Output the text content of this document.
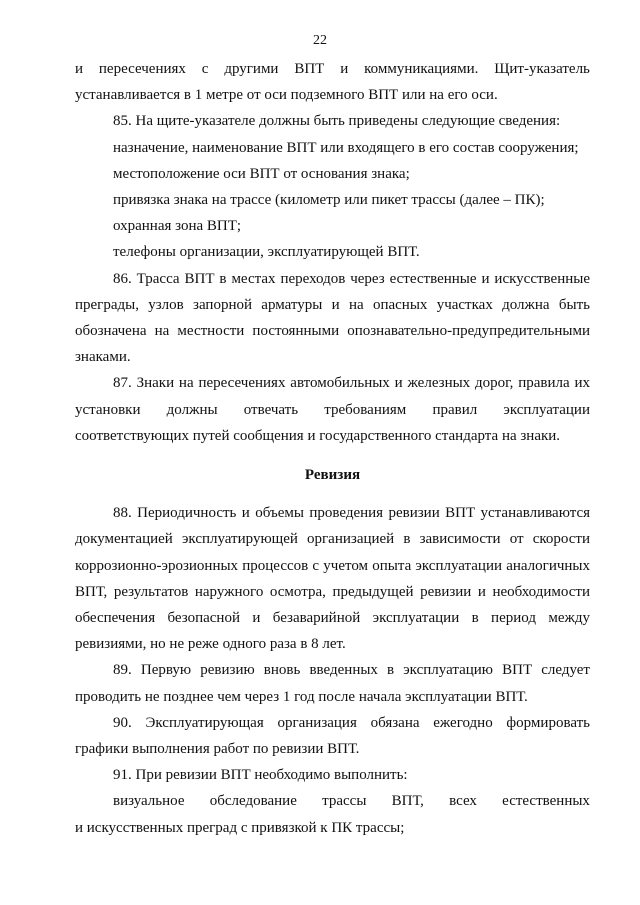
22
и пересечениях с другими ВПТ и коммуникациями. Щит-указатель

устанавливается в 1 метре от оси подземного ВПТ или на его оси.

85. На щите-указателе должны быть приведены следующие сведения:

назначение, наименование ВПТ или входящего в его состав сооружения;

местоположение оси ВПТ от основания знака;

привязка знака на трассе (километр или пикет трассы (далее – ПК);

охранная зона ВПТ;

телефоны организации, эксплуатирующей ВПТ.

86. Трасса ВПТ в местах переходов через естественные и искусственные преграды, узлов запорной арматуры и на опасных участках должна быть обозначена на местности постоянными опознавательно-предупредительными знаками.

87. Знаки на пересечениях автомобильных и железных дорог, правила их установки должны отвечать требованиям правил эксплуатации соответствующих путей сообщения и государственного стандарта на знаки.

Ревизия

88. Периодичность и объемы проведения ревизии ВПТ устанавливаются документацией эксплуатирующей организацией в зависимости от скорости коррозионно-эрозионных процессов с учетом опыта эксплуатации аналогичных ВПТ, результатов наружного осмотра, предыдущей ревизии и необходимости обеспечения безопасной и безаварийной эксплуатации в период между ревизиями, но не реже одного раза в 8 лет.

89. Первую ревизию вновь введенных в эксплуатацию ВПТ следует проводить не позднее чем через 1 год после начала эксплуатации ВПТ.

90. Эксплуатирующая организация обязана ежегодно формировать графики выполнения работ по ревизии ВПТ.

91. При ревизии ВПТ необходимо выполнить:

визуальное обследование трассы ВПТ, всех естественных

и искусственных преград с привязкой к ПК трассы;
